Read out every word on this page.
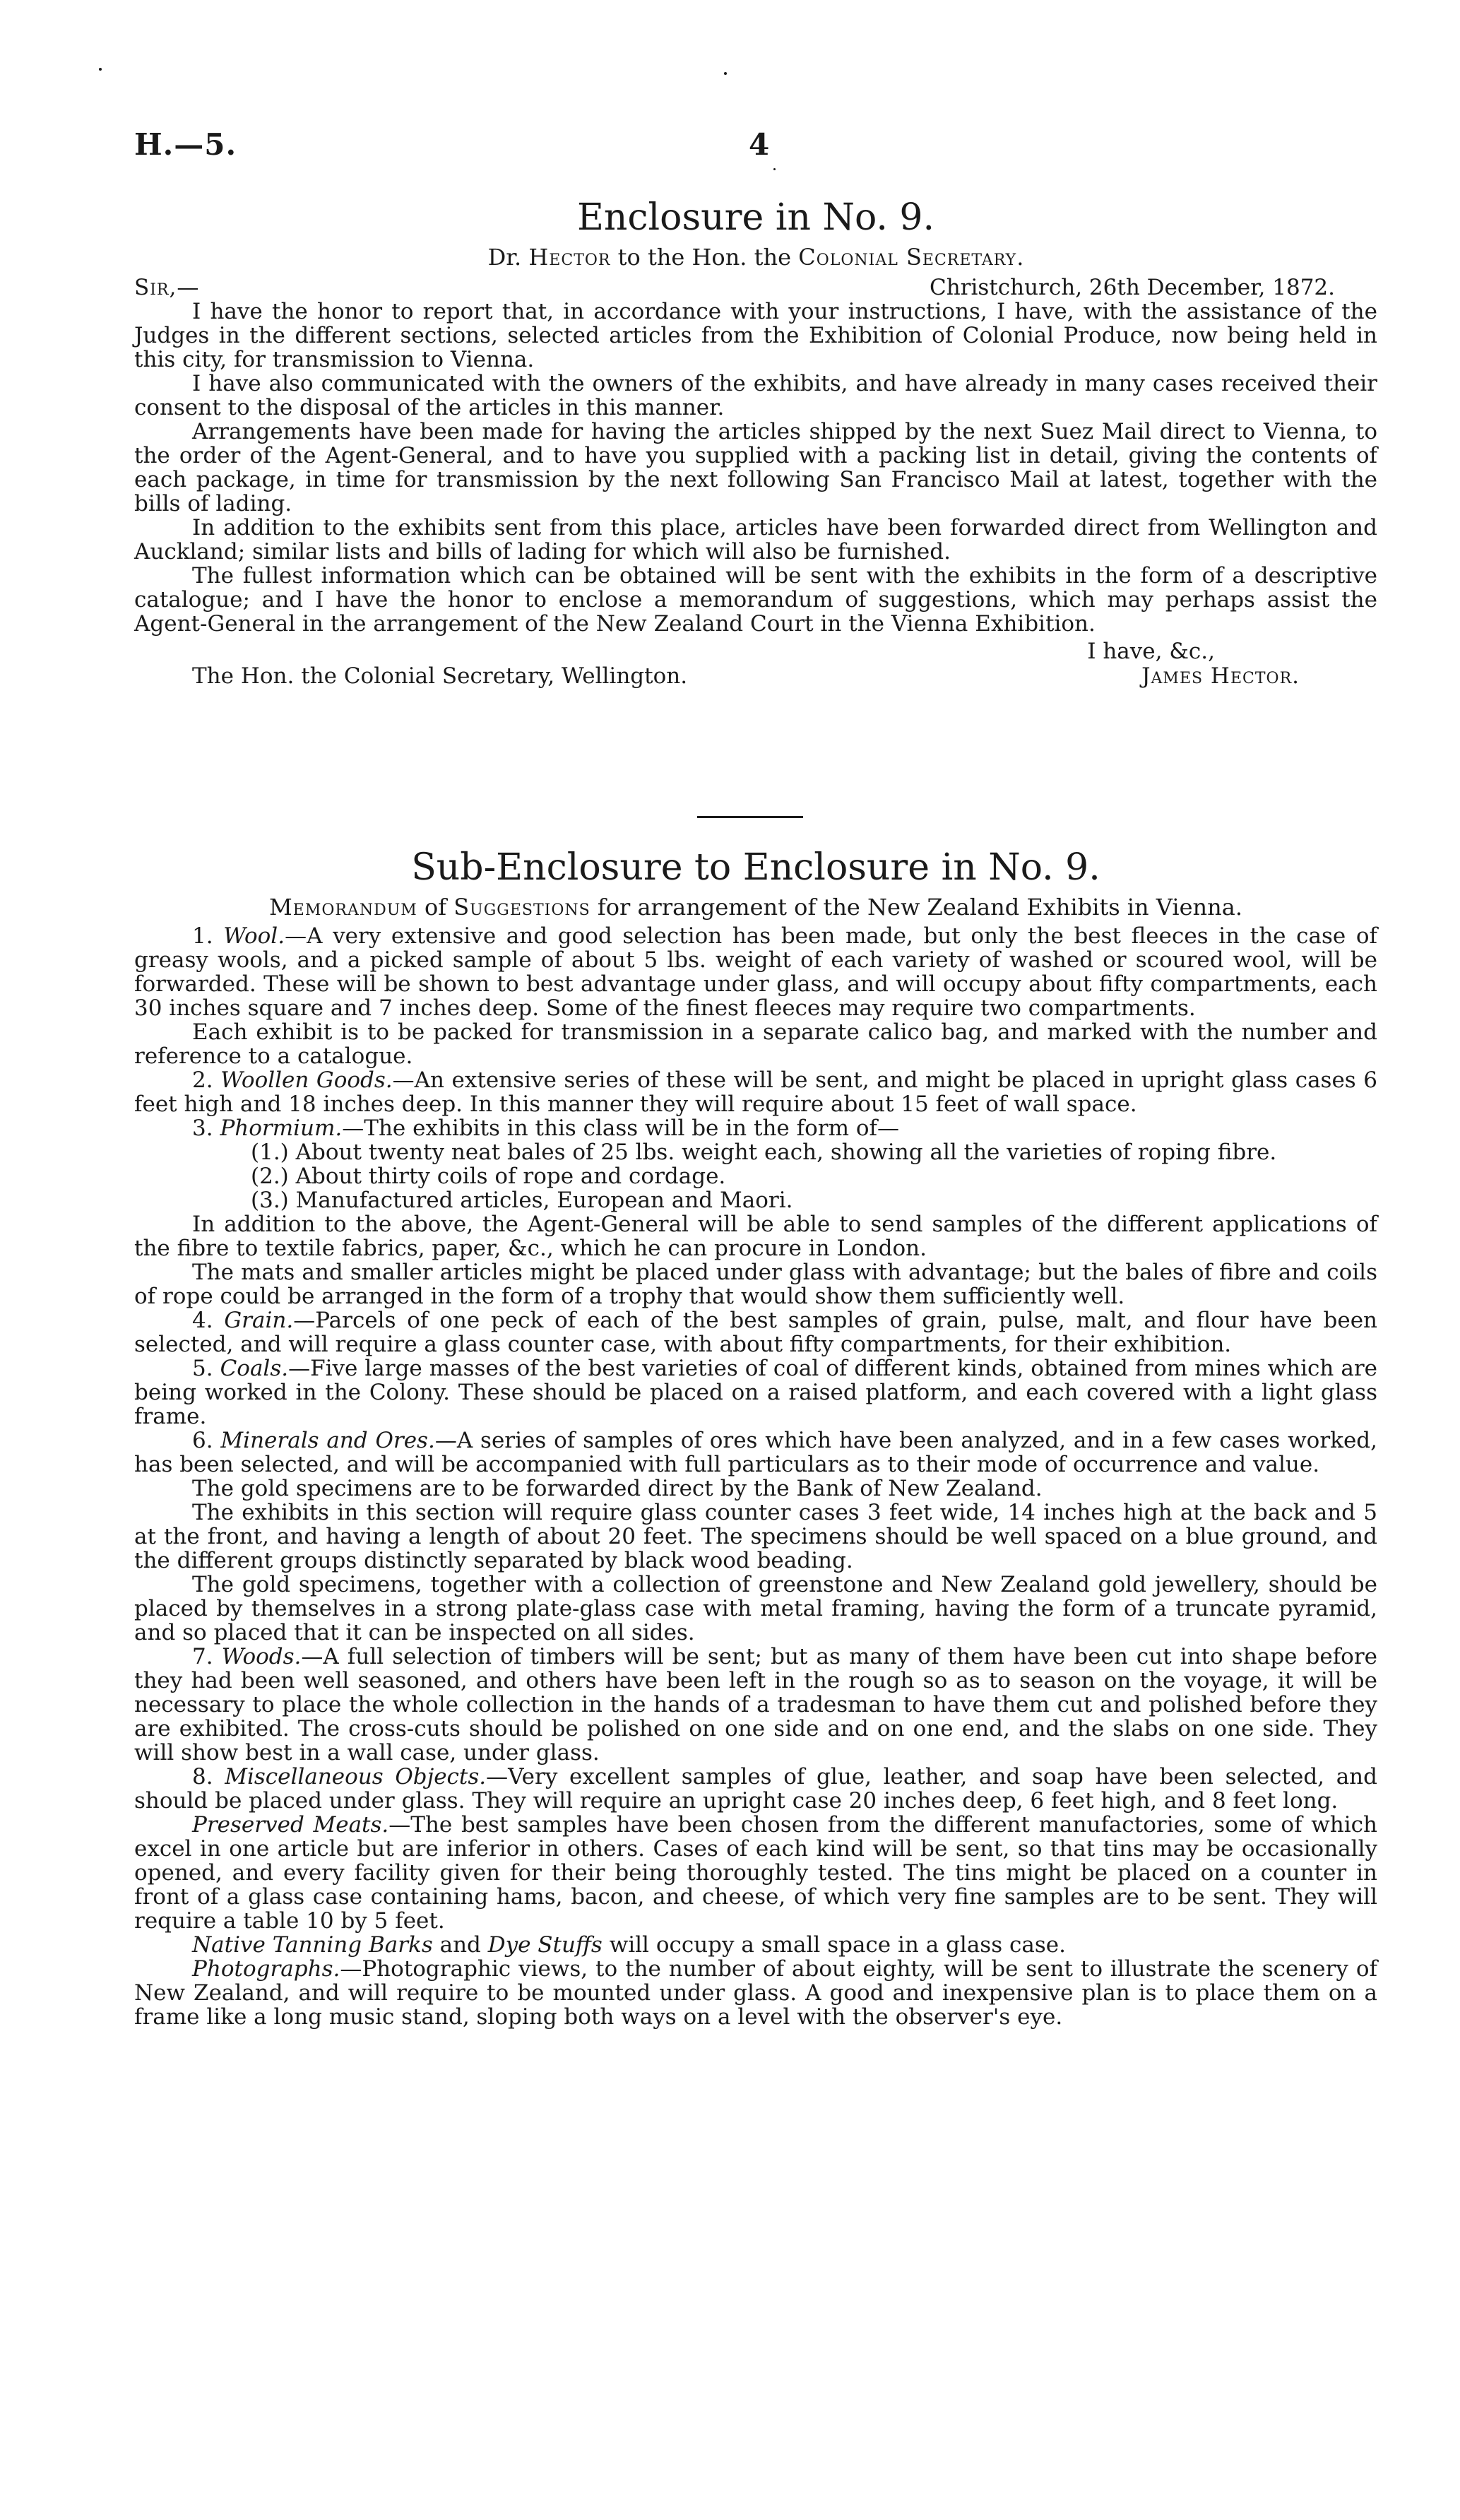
H.—5.	4
Enclosure in No. 9.
Dr. Hector to the Hon. the Colonial Secretary.
Sir,—	Christchurch, 26th December, 1872.

I have the honor to report that, in accordance with your instructions, I have, with the assistance of the Judges in the different sections, selected articles from the Exhibition of Colonial Produce, now being held in this city, for transmission to Vienna.

I have also communicated with the owners of the exhibits, and have already in many cases received their consent to the disposal of the articles in this manner.

Arrangements have been made for having the articles shipped by the next Suez Mail direct to Vienna, to the order of the Agent-General, and to have you supplied with a packing list in detail, giving the contents of each package, in time for transmission by the next following San Francisco Mail at latest, together with the bills of lading.

In addition to the exhibits sent from this place, articles have been forwarded direct from Wellington and Auckland; similar lists and bills of lading for which will also be furnished.

The fullest information which can be obtained will be sent with the exhibits in the form of a descriptive catalogue; and I have the honor to enclose a memorandum of suggestions, which may perhaps assist the Agent-General in the arrangement of the New Zealand Court in the Vienna Exhibition.

I have, &c.,
The Hon. the Colonial Secretary, Wellington.	James Hector.
Sub-Enclosure to Enclosure in No. 9.
Memorandum of Suggestions for arrangement of the New Zealand Exhibits in Vienna.

1. Wool.—A very extensive and good selection has been made, but only the best fleeces in the case of greasy wools, and a picked sample of about 5 lbs. weight of each variety of washed or scoured wool, will be forwarded. These will be shown to best advantage under glass, and will occupy about fifty compartments, each 30 inches square and 7 inches deep. Some of the finest fleeces may require two compartments.

Each exhibit is to be packed for transmission in a separate calico bag, and marked with the number and reference to a catalogue.

2. Woollen Goods.—An extensive series of these will be sent, and might be placed in upright glass cases 6 feet high and 18 inches deep. In this manner they will require about 15 feet of wall space.

3. Phormium.—The exhibits in this class will be in the form of—

(1.) About twenty neat bales of 25 lbs. weight each, showing all the varieties of roping fibre.
(2.) About thirty coils of rope and cordage.
(3.) Manufactured articles, European and Maori.

In addition to the above, the Agent-General will be able to send samples of the different applications of the fibre to textile fabrics, paper, &c., which he can procure in London.

The mats and smaller articles might be placed under glass with advantage; but the bales of fibre and coils of rope could be arranged in the form of a trophy that would show them sufficiently well.

4. Grain.—Parcels of one peck of each of the best samples of grain, pulse, malt, and flour have been selected, and will require a glass counter case, with about fifty compartments, for their exhibition.

5. Coals.—Five large masses of the best varieties of coal of different kinds, obtained from mines which are being worked in the Colony. These should be placed on a raised platform, and each covered with a light glass frame.

6. Minerals and Ores.—A series of samples of ores which have been analyzed, and in a few cases worked, has been selected, and will be accompanied with full particulars as to their mode of occurrence and value.

The gold specimens are to be forwarded direct by the Bank of New Zealand.

The exhibits in this section will require glass counter cases 3 feet wide, 14 inches high at the back and 5 at the front, and having a length of about 20 feet. The specimens should be well spaced on a blue ground, and the different groups distinctly separated by black wood beading.

The gold specimens, together with a collection of greenstone and New Zealand gold jewellery, should be placed by themselves in a strong plate-glass case with metal framing, having the form of a truncate pyramid, and so placed that it can be inspected on all sides.

7. Woods.—A full selection of timbers will be sent; but as many of them have been cut into shape before they had been well seasoned, and others have been left in the rough so as to season on the voyage, it will be necessary to place the whole collection in the hands of a tradesman to have them cut and polished before they are exhibited. The cross-cuts should be polished on one side and on one end, and the slabs on one side. They will show best in a wall case, under glass.

8. Miscellaneous Objects.—Very excellent samples of glue, leather, and soap have been selected, and should be placed under glass. They will require an upright case 20 inches deep, 6 feet high, and 8 feet long.

Preserved Meats.—The best samples have been chosen from the different manufactories, some of which excel in one article but are inferior in others. Cases of each kind will be sent, so that tins may be occasionally opened, and every facility given for their being thoroughly tested. The tins might be placed on a counter in front of a glass case containing hams, bacon, and cheese, of which very fine samples are to be sent. They will require a table 10 by 5 feet.

Native Tanning Barks and Dye Stuffs will occupy a small space in a glass case.

Photographs.—Photographic views, to the number of about eighty, will be sent to illustrate the scenery of New Zealand, and will require to be mounted under glass. A good and inexpensive plan is to place them on a frame like a long music stand, sloping both ways on a level with the observer's eye.
